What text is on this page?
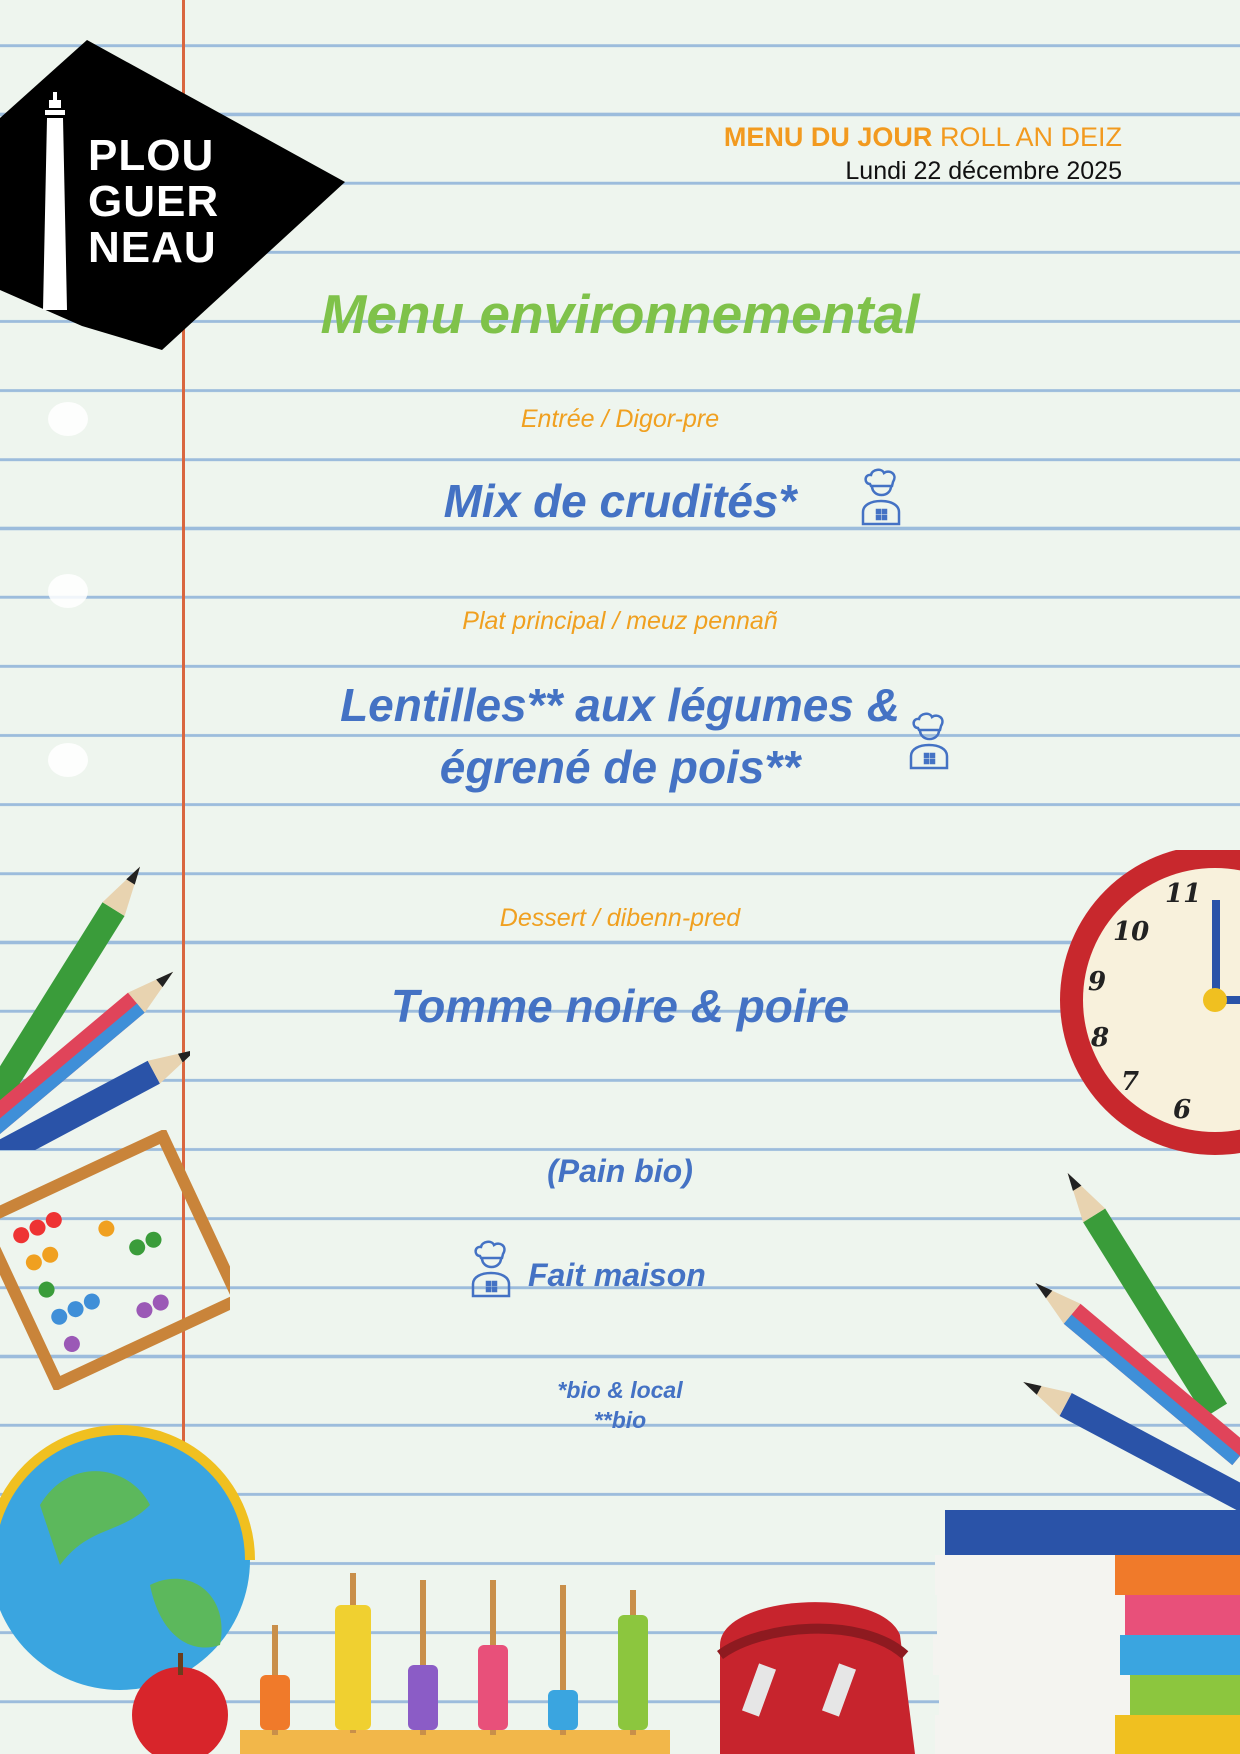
PLOU
GUER
NEAU
MENU DU JOUR ROLL AN DEIZ
Lundi 22 décembre 2025
Menu environnemental
Entrée / Digor-pre
Mix de crudités*
Plat principal / meuz pennañ
Lentilles** aux légumes &
égrené de pois**
Dessert / dibenn-pred
Tomme noire & poire
(Pain bio)
Fait maison
*bio & local
**bio
11
10
9
8
7
6
